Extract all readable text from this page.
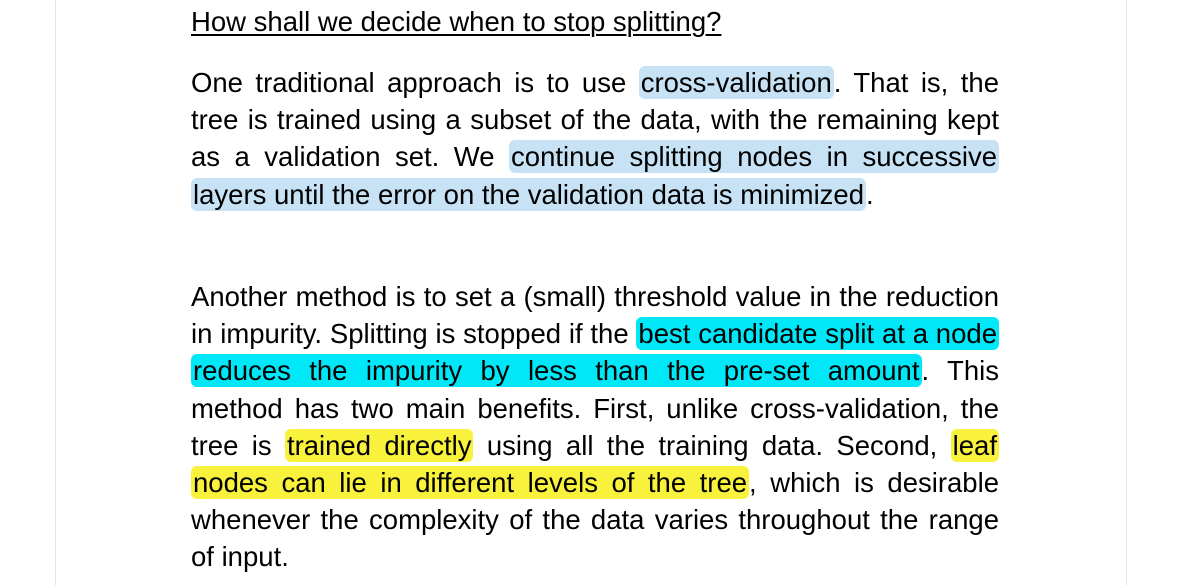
How shall we decide when to stop splitting?

One traditional approach is to use cross-validation. That is, the tree is trained using a subset of the data, with the remaining kept as a validation set. We continue splitting nodes in successive layers until the error on the validation data is minimized.

Another method is to set a (small) threshold value in the reduction in impurity. Splitting is stopped if the best candidate split at a node reduces the impurity by less than the pre-set amount. This method has two main benefits. First, unlike cross-validation, the tree is trained directly using all the training data. Second, leaf nodes can lie in different levels of the tree, which is desirable whenever the complexity of the data varies throughout the range of input.
